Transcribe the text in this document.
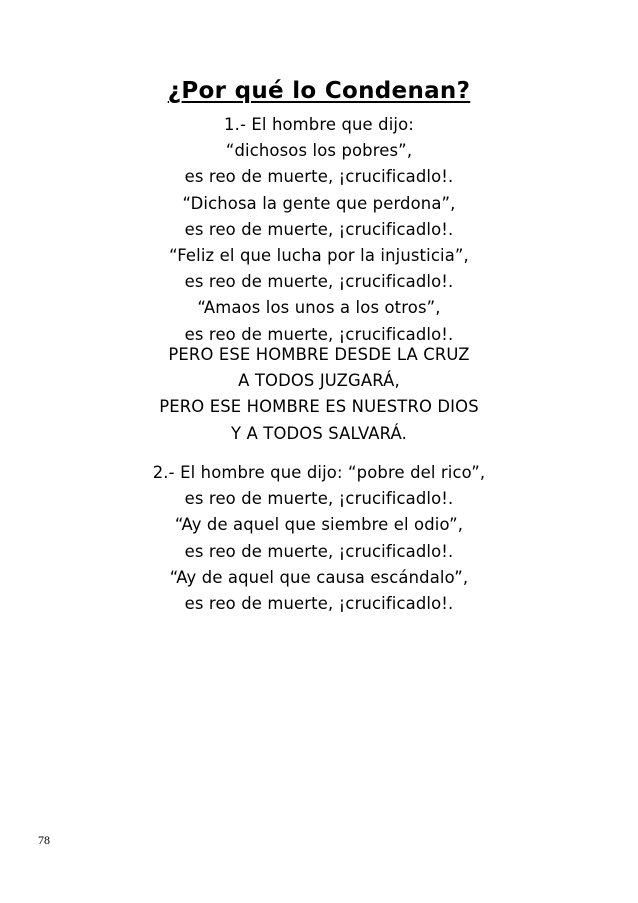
¿Por qué lo Condenan?
1.- El hombre que dijo:
“dichosos los pobres”,
es reo de muerte, ¡crucificadlo!.
“Dichosa la gente que perdona”,
es reo de muerte, ¡crucificadlo!.
“Feliz el que lucha por la injusticia”,
es reo de muerte, ¡crucificadlo!.
“Amaos los unos a los otros”,
es reo de muerte, ¡crucificadlo!.
PERO ESE HOMBRE DESDE LA CRUZ
A TODOS JUZGARÁ,
PERO ESE HOMBRE ES NUESTRO DIOS
Y A TODOS SALVARÁ.
2.- El hombre que dijo: “pobre del rico”,
es reo de muerte, ¡crucificadlo!.
“Ay de aquel que siembre el odio”,
es reo de muerte, ¡crucificadlo!.
“Ay de aquel que causa escándalo”,
es reo de muerte, ¡crucificadlo!.
78
